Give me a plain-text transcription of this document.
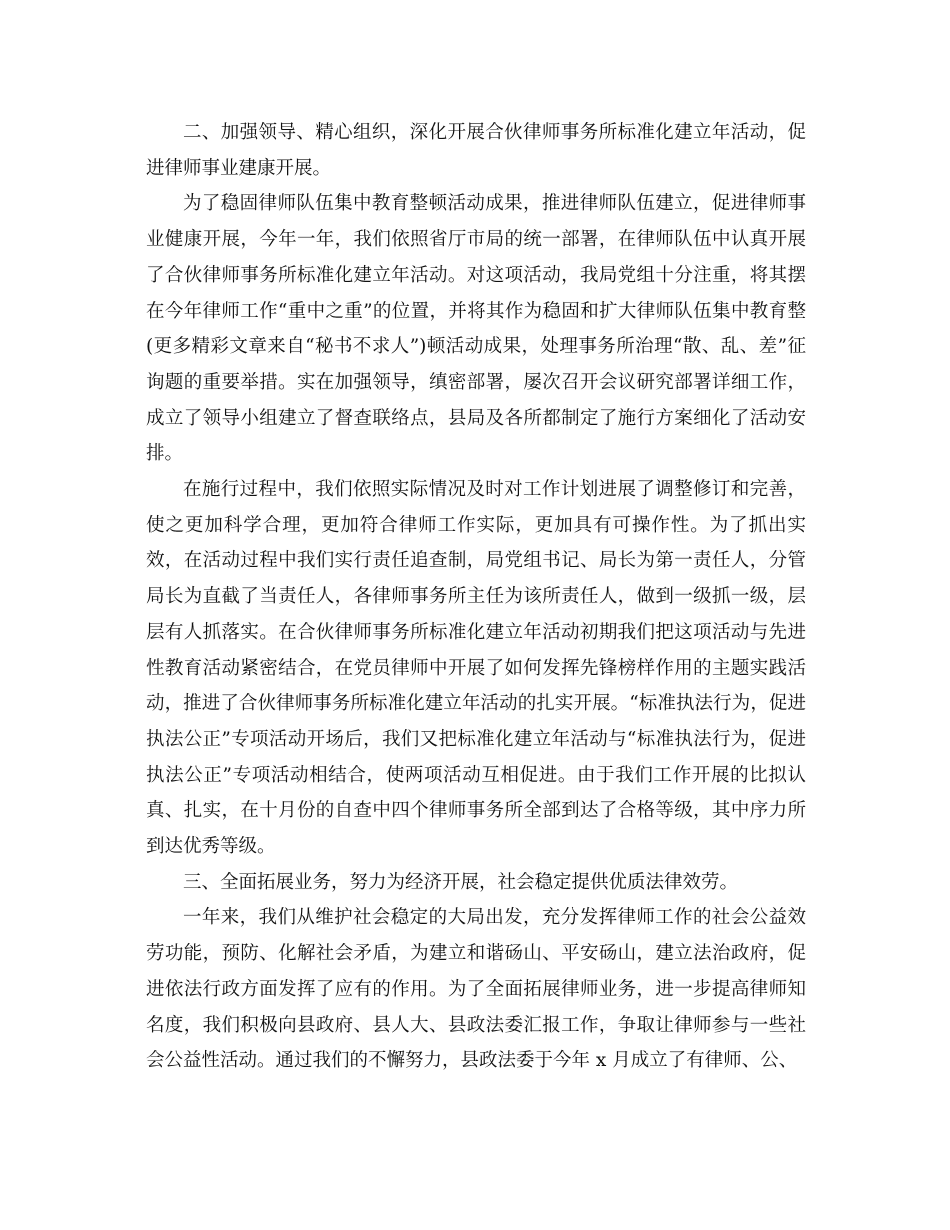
二、加强领导、精心组织，深化开展合伙律师事务所标准化建立年活动，促进律师事业建康开展。

为了稳固律师队伍集中教育整顿活动成果，推进律师队伍建立，促进律师事业健康开展，今年一年，我们依照省厅市局的统一部署，在律师队伍中认真开展了合伙律师事务所标准化建立年活动。对这项活动，我局党组十分注重，将其摆在今年律师工作“重中之重”的位置，并将其作为稳固和扩大律师队伍集中教育整(更多精彩文章来自“秘书不求人”)顿活动成果，处理事务所治理“散、乱、差”征询题的重要举措。实在加强领导，缜密部署，屡次召开会议研究部署详细工作，成立了领导小组建立了督查联络点，县局及各所都制定了施行方案细化了活动安排。

在施行过程中，我们依照实际情况及时对工作计划进展了调整修订和完善，使之更加科学合理，更加符合律师工作实际，更加具有可操作性。为了抓出实效，在活动过程中我们实行责任追查制，局党组书记、局长为第一责任人，分管局长为直截了当责任人，各律师事务所主任为该所责任人，做到一级抓一级，层层有人抓落实。在合伙律师事务所标准化建立年活动初期我们把这项活动与先进性教育活动紧密结合，在党员律师中开展了如何发挥先锋榜样作用的主题实践活动，推进了合伙律师事务所标准化建立年活动的扎实开展。“标准执法行为，促进执法公正”专项活动开场后，我们又把标准化建立年活动与“标准执法行为，促进执法公正”专项活动相结合，使两项活动互相促进。由于我们工作开展的比拟认真、扎实，在十月份的自查中四个律师事务所全部到达了合格等级，其中序力所到达优秀等级。

三、全面拓展业务，努力为经济开展，社会稳定提供优质法律效劳。

一年来，我们从维护社会稳定的大局出发，充分发挥律师工作的社会公益效劳功能，预防、化解社会矛盾，为建立和谐砀山、平安砀山，建立法治政府，促进依法行政方面发挥了应有的作用。为了全面拓展律师业务，进一步提高律师知名度，我们积极向县政府、县人大、县政法委汇报工作，争取让律师参与一些社会公益性活动。通过我们的不懈努力，县政法委于今年 x 月成立了有律师、公、
